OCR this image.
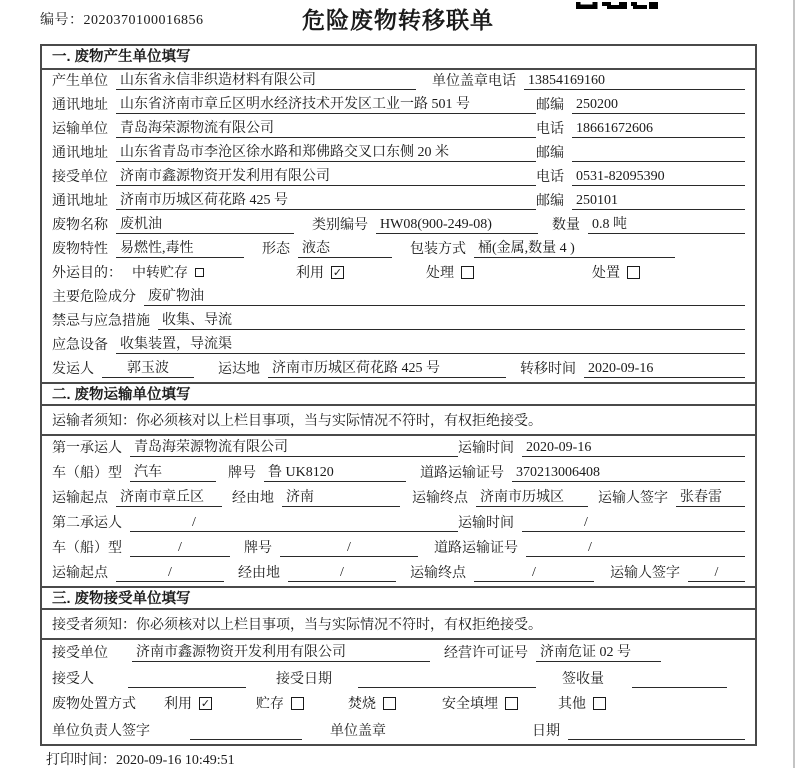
编号：2020370100016856	危险废物转移联单
一. 废物产生单位填写
产生单位 山东省永信非织造材料有限公司	单位盖章 电话 13854169160
通讯地址 山东省济南市章丘区明水经济技术开发区工业一路 501 号	邮编 250200
运输单位 青岛海荣源物流有限公司	电话 18661672606
通讯地址 山东省青岛市李沧区徐水路和郑佛路交叉口东侧 20 米	邮编
接受单位 济南市鑫源物资开发利用有限公司	电话 0531-82095390
通讯地址 济南市历城区荷花路 425 号	邮编 250101
废物名称 废机油	类别编号 HW08(900-249-08)	数量 0.8 吨
废物特性 易燃性,毒性	形态 液态	包装方式 桶(金属,数量 4 )
外运目的： 中转贮存	利用 ✓	处理	处置
主要危险成分 废矿物油
禁忌与应急措施 收集、导流
应急设备 收集装置，导流渠
发运人	郭玉波	运达地 济南市历城区荷花路 425 号	转移时间 2020-09-16
二. 废物运输单位填写
运输者须知：你必须核对以上栏目事项，当与实际情况不符时，有权拒绝接受。
第一承运人 青岛海荣源物流有限公司	运输时间 2020-09-16
车（船）型 汽车	牌号 鲁 UK8120	道路运输证号 370213006408
运输起点 济南市章丘区	经由地 济南	运输终点 济南市历城区	运输人签字 张春雷
第二承运人	/	运输时间	/
车（船）型	/	牌号	/	道路运输证号	/
运输起点	/	经由地	/	运输终点	/	运输人签字	/
三. 废物接受单位填写
接受者须知：你必须核对以上栏目事项，当与实际情况不符时，有权拒绝接受。
接受单位 济南市鑫源物资开发利用有限公司	经营许可证号 济南危证 02 号
接受人	接受日期	签收量
废物处置方式 利用 ✓	贮存	焚烧	安全填埋	其他
单位负责人签字	单位盖章	日期
打印时间：2020-09-16 10:49:51
